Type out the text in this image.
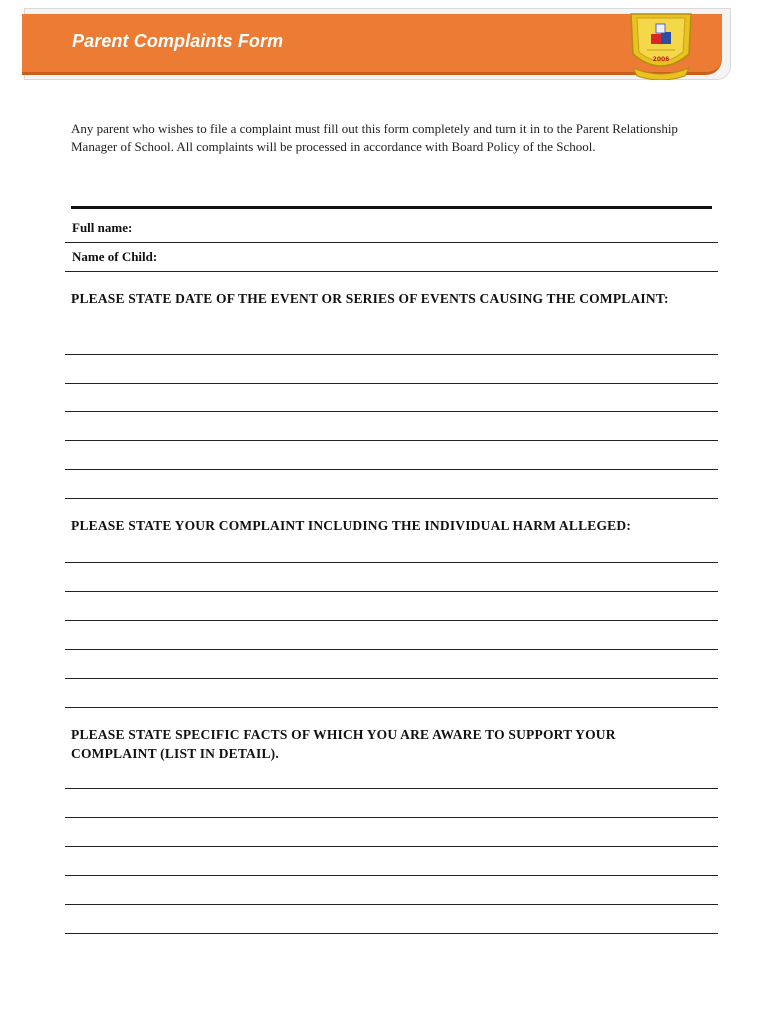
Parent Complaints Form
2006
Any parent who wishes to file a complaint must fill out this form completely and turn it in to the Parent Relationship Manager of School. All complaints will be processed in accordance with Board Policy of the School.
Full name:
Name of Child:
PLEASE STATE DATE OF THE EVENT OR SERIES OF EVENTS CAUSING THE COMPLAINT:
PLEASE STATE YOUR COMPLAINT INCLUDING THE INDIVIDUAL HARM ALLEGED:
PLEASE STATE SPECIFIC FACTS OF WHICH YOU ARE AWARE TO SUPPORT YOUR COMPLAINT (LIST IN DETAIL).
